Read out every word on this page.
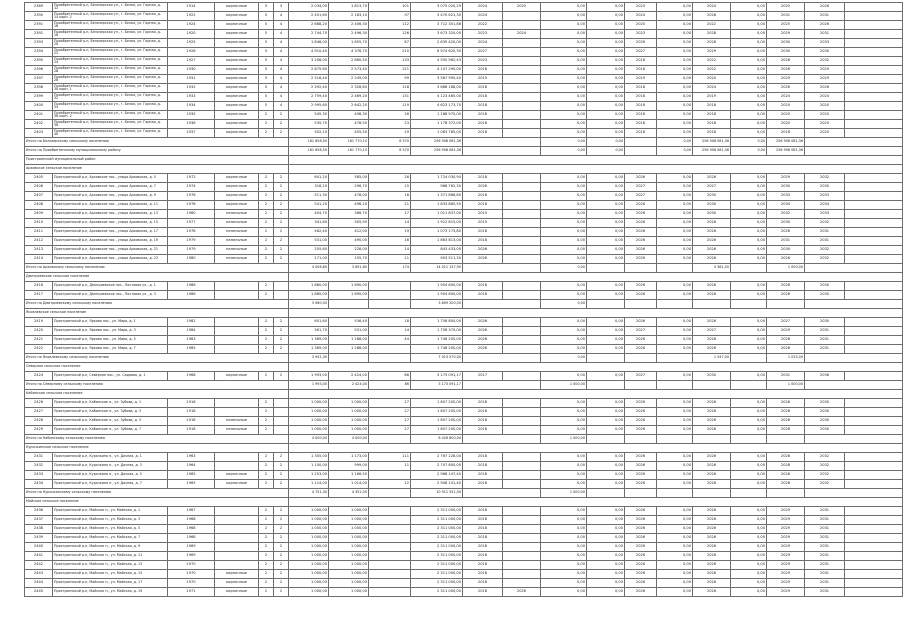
2389	Приобретенный р-н, Белозерская ул., г. Белая, ул. Горная, д. 12	1914	кирпичные	5	3	2 034,00	1 813,70	101	3 075 020,29	2024	2025	0,00	0,00	2023	0,00	2024	0,00	2025	2026	
2390	Приобретенный р-н, Белозерская ул., г. Белая, ул. Горная, д. 14 корп. 2	1922	кирпичные	5	4	2 451,60	2 183,10	97	3 470 621,30	2024		0,00	0,00	2024	0,00	2028	0,00	2031	2031	
2391	Приобретенный р-н, Белозерская ул., г. Белая, ул. Горная, д. 16	1924	кирпичные	5	4	2 688,20	2 406,30	112	3 712 301,88	2022		0,00	0,00	2020	0,00	2022	0,00	2025	2026	
2392	Приобретенный р-н, Белозерская ул., г. Белая, ул. Горная, д. 18	1920	кирпичные	5	4	2 744,70	2 496,30	126	3 673 320,00	2023	2024	0,00	0,00	2023	0,00	2028	0,00	2029	2031	
2393	Приобретенный р-н, Белозерская ул., г. Белая, ул. Горная, д. 20	1925	кирпичные	5	4	1 846,00	1 655,70	87	2 639 420,00	2024		0,00	0,00	2026	0,00	2028	0,00	2030	2033	
2394	Приобретенный р-н, Белозерская ул., г. Белая, ул. Горная, д. 22	1928	кирпичные	5	4	4 910,40	4 376,70	210	6 974 620,30	2027		0,00	0,00	2027	0,00	2029	0,00	2030	2030	
2395	Приобретенный р-н, Белозерская ул., г. Белая, ул. Горная, д. 24	1927	кирпичные	5	4	3 206,00	2 860,50	133	4 550 962,43	2023		0,00	0,00	2018	0,00	2022	0,00	2026	2032	
2396	Приобретенный р-н, Белозерская ул., г. Белая, ул. Горная, д. 26	1930	кирпичные	5	4	2 875,60	2 573,40	121	4 107 290,00	2018		0,00	0,00	2018	0,00	2022	0,00	2026	2029	
2397	Приобретенный р-н, Белозерская ул., г. Белая, ул. Горная, д. 28	1931	кирпичные	5	4	2 516,40	2 249,00	99	3 567 990,40	2019		0,00	0,00	2019	0,00	2020	0,00	2029	2029	
2398	Приобретенный р-н, Белозерская ул., г. Белая, ул. Горная, д. 30 корп. 1	1932	кирпичные	5	4	2 592,40	2 328,80	118	3 688 188,00	2018		0,00	0,00	2018	0,00	2024	0,00	2026	2026	
2399	Приобретенный р-н, Белозерская ул., г. Белая, ул. Горная, д. 32	1933	кирпичные	5	4	2 759,40	2 469,20	131	4 123 465,00	2018		0,00	0,00	2018	0,00	2019	0,00	2024	2024	
2400	Приобретенный р-н, Белозерская ул., г. Белая, ул. Горная, д. 34	1934	кирпичные	5	4	2 995,60	2 642,20	119	4 623 173,70	2018		0,00	0,00	2018	0,00	2018	0,00	2020	2020	
2401	Приобретенный р-н, Белозерская ул., г. Белая, ул. Горная, д. 36 корп. 2	1935	кирпичные	2	2	545,30	498,30	26	1 188 970,00	2018		0,00	0,00	2018	0,00	2018	0,00	2020	2020	
2402	Приобретенный р-н, Белозерская ул., г. Белая, ул. Горная, д. 38	1936	кирпичные	2	2	535,70	478,50	23	1 178 372,00	2018		0,00	0,00	2018	0,00	2018	0,00	2020	2020	
2403	Приобретенный р-н, Белозерская ул., г. Белая, ул. Горная, д. 40	1937	кирпичные	2	2	502,10	455,50	19	1 063 785,00	2018		0,00	0,00	2018	0,00	2018	0,00	2018	2020	
Итого по Белозерскому сельскому поселению						181 658,50	161 770,10	8 570	256 908 081,36			0,00	0,00		0,00	256 908 081,36	0,00	256 908 081,36		
Итого по Приобретенскому муниципальному району						181 658,50	161 770,10	8 570	256 908 081,36			0,00	0,00		0,00	256 908 081,36	0,00	256 908 081,36		
Пристроенский муниципальный район																				
Арховское сельское поселение																				
2405	Пристроенский р-н, Арховское пос., улица Арховская, д. 5	1972	кирпичные	2	2	641,20	585,00	26	1 724 030,90	2018		0,00	0,00	2026	0,00	2026	0,00	2029	2032	
2406	Пристроенский р-н, Арховское пос., улица Арховская, д. 7	1974	кирпичные	2	2	318,20	296,70	15	968 762,30	2026		0,00	0,00	2027	0,00	2027	0,00	2030	2030	
2407	Пристроенский р-н, Арховское пос., улица Арховская, д. 9	1976	кирпичные	2	2	511,30	478,00	18	1 371 866,80	2018		0,00	0,00	2027	0,00	2030	0,00	2033	2033	
2408	Пристроенский р-н, Арховское пос., улица Арховская, д. 11	1978	кирпичные	2	2	541,20	498,20	21	1 833 860,50	2018		0,00	0,00	2026	0,00	2030	0,00	2034	2034	
2409	Пристроенский р-н, Арховское пос., улица Арховская, д. 13	1980	панельные	2	2	404,70	368,70	17	1 011 837,00	2019		0,00	0,00	2026	0,00	2030	0,00	2032	2033	
2410	Пристроенский р-н, Арховское пос., улица Арховская, д. 15	1977	панельные	2	2	341,60	305,90	14	1 912 815,00	2019		0,00	0,00	2026	0,00	2026	0,00	2030	2032	
2411	Пристроенский р-н, Арховское пос., улица Арховская, д. 17	1978	панельные	2	2	462,40	412,00	19	1 073 173,80	2018		0,00	0,00	2026	0,00	2026	0,00	2028	2031	
2412	Пристроенский р-н, Арховское пос., улица Арховская, д. 19	1979	панельные	2	2	531,00	490,00	16	1 863 813,00	2018		0,00	0,00	2026	0,00	2026	0,00	2031	2031	
2413	Пристроенский р-н, Арховское пос., улица Арховская, д. 21	1979	панельные	2	2	255,60	228,00	14	843 433,00	2026		0,00	0,00	2026	0,00	2026	0,00	2030	2032	
2414	Пристроенский р-н, Арховское пос., улица Арховская, д. 23	1980	панельные	2	2	171,00	155,70	11	903 511,30	2026		0,00	0,00	2026	0,00	2026	0,00	2026	2032	
Итого по Арховскому сельскому поселению						4 006,60	3 691,80	174	14 011 137,90			0,00				4 361,50		1 000,00		
Дмитриевское сельское поселение																				
2416	Пристроенский р-н, Дмитриевское пос., Почтовая ул., д. 1	1986		2		1 880,00	1 690,00		1 904 600,00	2018		0,00	0,00	2026	0,00	2026	0,00	2028	2030	
2417	Пристроенский р-н, Дмитриевское пос., Почтовая ул., д. 3	1986		2		1 880,00	1 690,00		1 904 600,00	2018		0,00	0,00	2026	0,00	2026	0,00	2028	2030	
Итого по Дмитриевскому сельскому поселению						3 980,00			3 809 200,00			0,00								
Яковлевское сельское поселение																				
2419	Пристроенский р-н, Ярково пос., ул. Мира, д. 1	1982		2	2	601,60	536,40	18	1 758 800,00	2026		0,00	0,00	2026	0,00	2026	0,00	2027	2030	
2420	Пристроенский р-н, Ярково пос., ул. Мира, д. 3	1984		2	2	561,70	531,00	14	1 758 370,00	2026		0,00	0,00	2027	0,00	2027	0,00	2029	2031	
2421	Пристроенский р-н, Ярково пос., ул. Мира, д. 5	1983		2	2	1 389,00	1 288,00	44	1 748 200,00	2026		0,00	0,00	2026	0,00	2026	0,00	2028	2031	
2422	Пристроенский р-н, Ярково пос., ул. Мира, д. 7	1985		2	2	1 389,00	1 288,00		1 748 200,00	2026		0,00	0,00	2026	0,00	2026	0,00	2028	2031	
Итого по Яковлевскому сельскому поселению						3 941,30			7 013 570,00			0,00				1 047,00		1 033,00		
Северное сельское поселение																				
2424	Пристроенский р-н, Северное пос., ул. Садовая, д. 1	1968	кирпичные	2	2	1 993,00	2 424,00	86	3 173 091,17	2017		0,00	0,00	2027	0,00	2030	0,00	2031	2036	
Итого по Северному сельскому поселению						1 993,00	2 424,00	86	3 173 091,17			1 000,00						1 000,00		
Кабинское сельское поселение																				
2426	Пристроенский р-н, Кабинское п., ул. Зубова, д. 1	1916		2		1 000,00	1 000,00	27	1 607 200,00	2018		0,00	0,00	2026	0,00	2026	0,00	2028	2030	
2427	Пристроенский р-н, Кабинское п., ул. Зубова, д. 3	1918		2		1 000,00	1 000,00	27	1 607 200,00	2018		0,00	0,00	2026	0,00	2026	0,00	2028	2030	
2428	Пристроенский р-н, Кабинское п., ул. Зубова, д. 5	1918	панельные	2		1 000,00	1 000,00	27	1 607 200,00	2018		0,00	0,00	2026	0,00	2026	0,00	2028	2030	
2429	Пристроенский р-н, Кабинское п., ул. Зубова, д. 7	1918	панельные	2		1 000,00	1 000,00	27	1 607 200,00	2018		0,00	0,00	2026	0,00	2026	0,00	2028	2030	
Итого по Кабинскому сельскому поселению						4 000,00	4 000,00		6 428 800,00			1 000,00								
Курочкинское сельское поселение																				
2431	Пристроенский р-н, Курочкино п., ул. Дачная, д. 1	1963		2	2	1 355,00	1 173,00	111	2 767 228,00	2018		0,00	0,00	2026	0,00	2026	0,00	2028	2032	
2432	Пристроенский р-н, Курочкино п., ул. Дачная, д. 3	1964		2	2	1 100,00	999,00	11	2 707 800,00	2018		0,00	0,00	2026	0,00	2026	0,00	2028	2032	
2433	Пристроенский р-н, Курочкино п., ул. Дачная, д. 5	1965	кирпичные	2	2	1 253,00	1 166,50		2 968 147,40	2018		0,00	0,00	2026	0,00	2026	0,00	2028	2032	
2434	Пристроенский р-н, Курочкино п., ул. Дачная, д. 7	1965	кирпичные	2	2	1 114,00	1 014,00	12	2 908 141,40	2018		0,00	0,00	2026	0,00	2026	0,00	2028	2032	
Итого по Курочкинскому сельскому поселению						4 751,30	4 352,50		10 911 551,00			1 000,00								
Майское сельское поселение																				
2436	Пристроенский р-н, Майское п., ул. Майская, д. 1	1967		2	2	1 000,00	1 000,00		2 311 000,00	2018		0,00	0,00	2026	0,00	2026	0,00	2029	2031	
2437	Пристроенский р-н, Майское п., ул. Майская, д. 3	1968		2	2	1 000,00	1 000,00		2 311 000,00	2018		0,00	0,00	2026	0,00	2026	0,00	2029	2031	
2438	Пристроенский р-н, Майское п., ул. Майская, д. 5	1968		2	2	1 000,00	1 000,00		2 311 000,00	2018		0,00	0,00	2026	0,00	2026	0,00	2029	2031	
2439	Пристроенский р-н, Майское п., ул. Майская, д. 7	1968		2	2	1 000,00	1 000,00		2 311 000,00	2018		0,00	0,00	2026	0,00	2026	0,00	2029	2031	
2440	Пристроенский р-н, Майское п., ул. Майская, д. 9	1969		2	2	1 000,00	1 000,00		2 311 000,00	2018		0,00	0,00	2026	0,00	2026	0,00	2029	2031	
2441	Пристроенский р-н, Майское п., ул. Майская, д. 11	1969		2	2	1 000,00	1 000,00		2 311 000,00	2018		0,00	0,00	2026	0,00	2026	0,00	2029	2031	
2442	Пристроенский р-н, Майское п., ул. Майская, д. 13	1970		2	2	1 000,00	1 000,00		2 311 000,00	2018		0,00	0,00	2026	0,00	2026	0,00	2029	2031	
2443	Пристроенский р-н, Майское п., ул. Майская, д. 15	1970	кирпичные	2	2	1 000,00	1 000,00		2 311 000,00	2018		0,00	0,00	2026	0,00	2026	0,00	2029	2031	
2444	Пристроенский р-н, Майское п., ул. Майская, д. 17	1970	кирпичные	2	2	1 000,00	1 000,00		2 311 000,00	2018		0,00	0,00	2026	0,00	2026	0,00	2029	2031	
2445	Пристроенский р-н, Майское п., ул. Майская, д. 19	1971	кирпичные	2	2	1 000,00	1 000,00		2 311 000,00	2018	2026	0,00	0,00	2026	0,00	2026	0,00	2029	2031	
